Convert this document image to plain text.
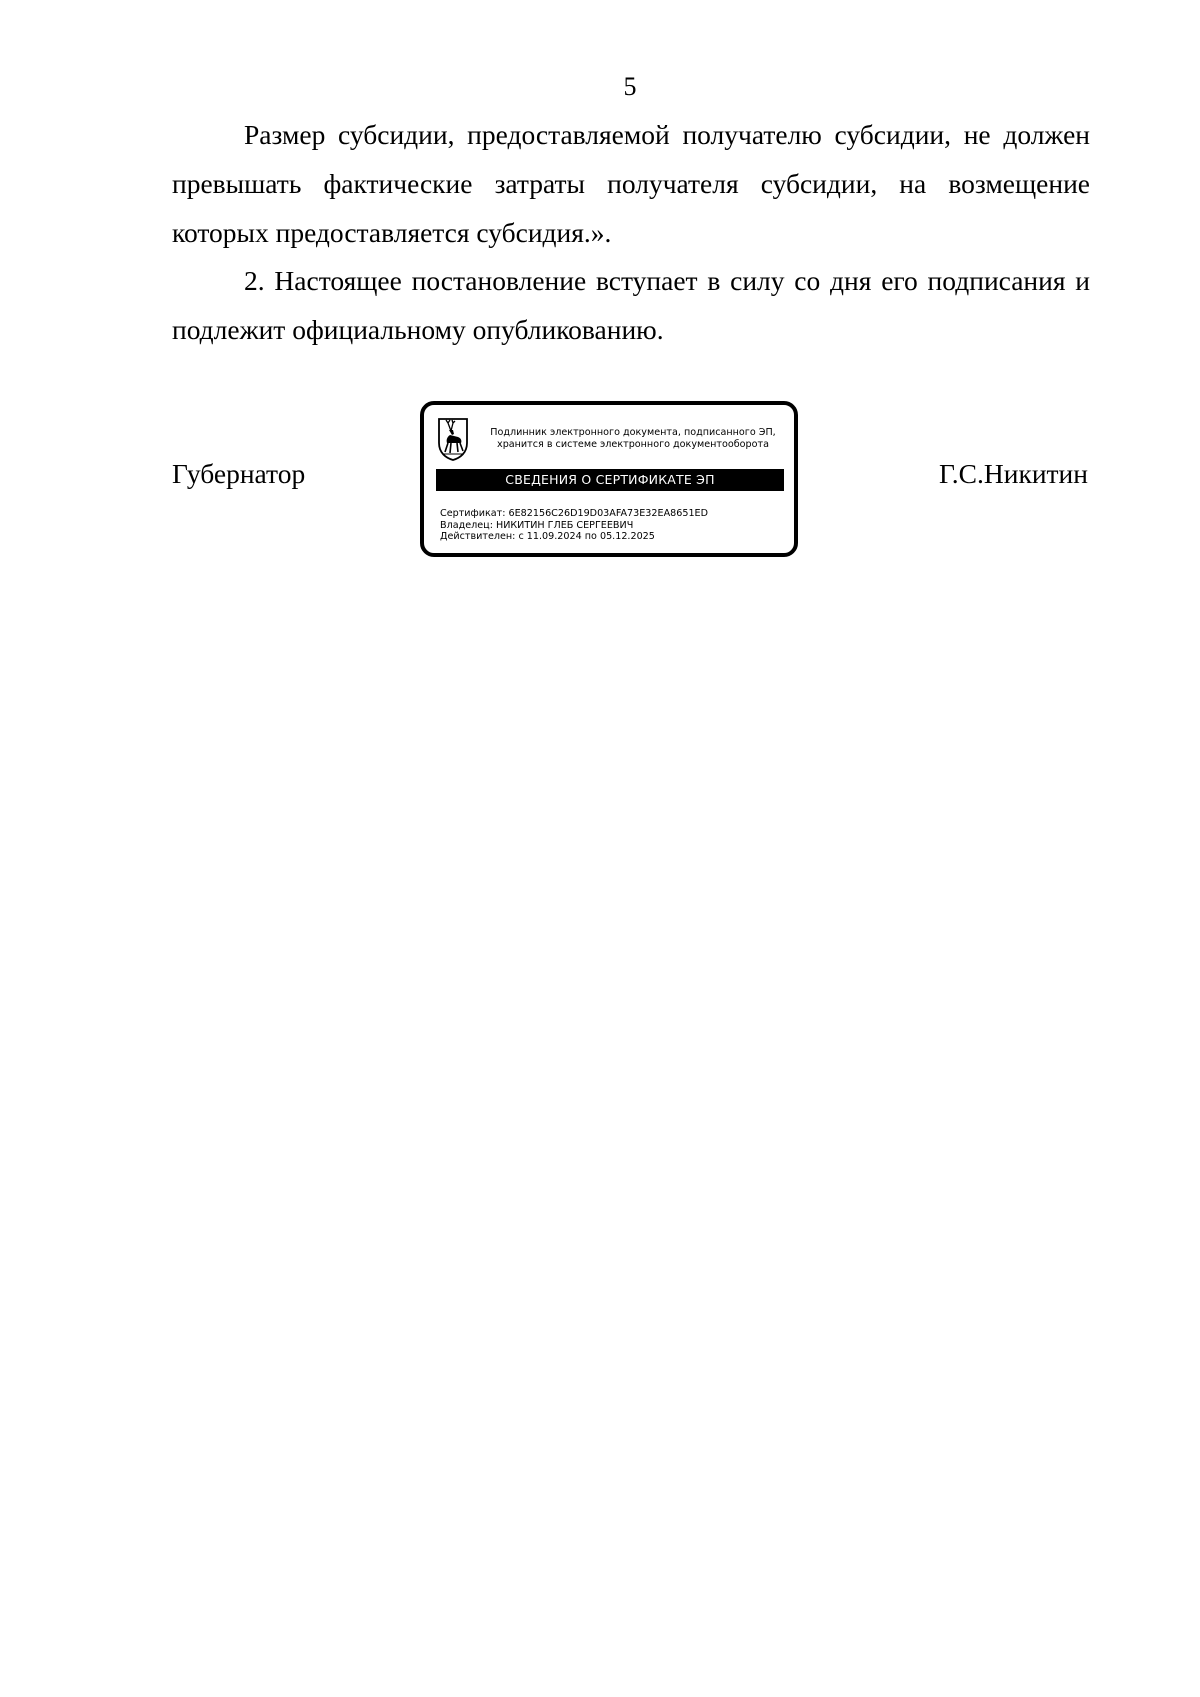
5

Размер субсидии, предоставляемой получателю субсидии, не должен превышать фактические затраты получателя субсидии, на возмещение которых предоставляется субсидия.».

2. Настоящее постановление вступает в силу со дня его подписания и подлежит официальному опубликованию.

Губернатор
Подлинник электронного документа, подписанного ЭП,
хранится в системе электронного документооборота
СВЕДЕНИЯ О СЕРТИФИКАТЕ ЭП
Сертификат: 6E82156C26D19D03AFA73E32EA8651ED
Владелец: НИКИТИН ГЛЕБ СЕРГЕЕВИЧ
Действителен: с 11.09.2024 по 05.12.2025
Г.С.Никитин
